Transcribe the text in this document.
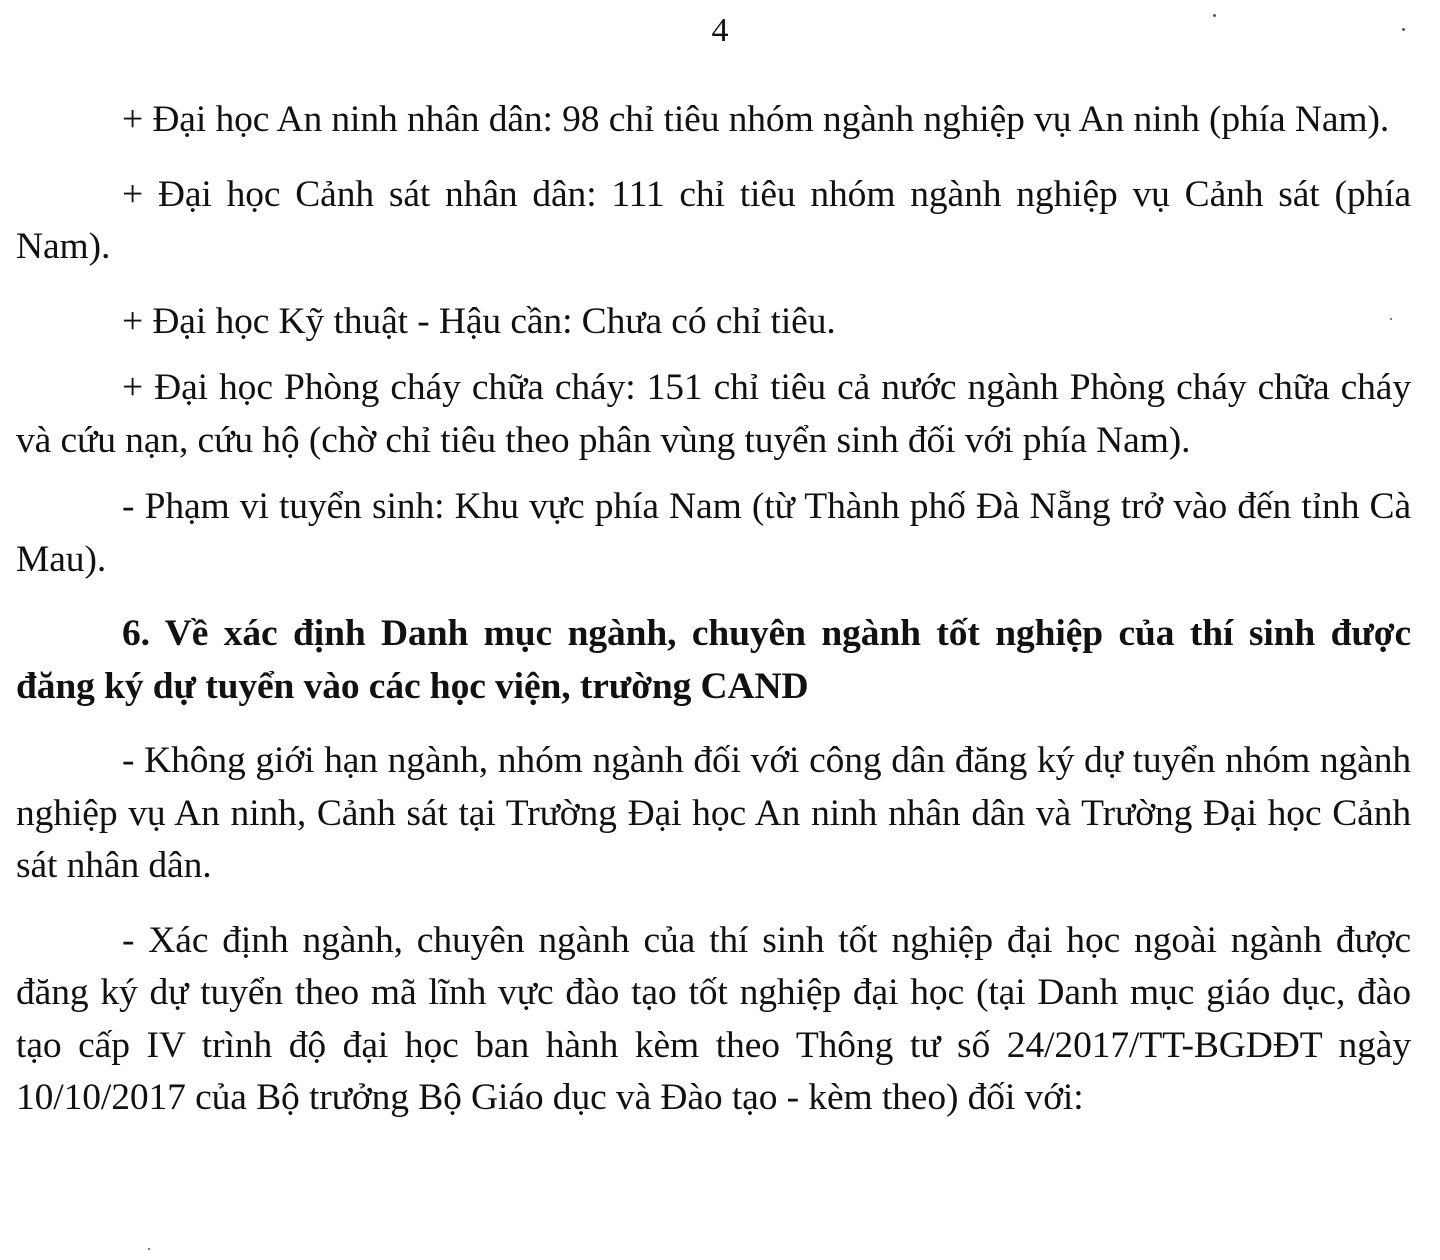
4

+ Đại học An ninh nhân dân: 98 chỉ tiêu nhóm ngành nghiệp vụ An ninh (phía Nam).

+ Đại học Cảnh sát nhân dân: 111 chỉ tiêu nhóm ngành nghiệp vụ Cảnh sát (phía Nam).

+ Đại học Kỹ thuật - Hậu cần: Chưa có chỉ tiêu.

+ Đại học Phòng cháy chữa cháy: 151 chỉ tiêu cả nước ngành Phòng cháy chữa cháy và cứu nạn, cứu hộ (chờ chỉ tiêu theo phân vùng tuyển sinh đối với phía Nam).

- Phạm vi tuyển sinh: Khu vực phía Nam (từ Thành phố Đà Nẵng trở vào đến tỉnh Cà Mau).

6. Về xác định Danh mục ngành, chuyên ngành tốt nghiệp của thí sinh được đăng ký dự tuyển vào các học viện, trường CAND

- Không giới hạn ngành, nhóm ngành đối với công dân đăng ký dự tuyển nhóm ngành nghiệp vụ An ninh, Cảnh sát tại Trường Đại học An ninh nhân dân và Trường Đại học Cảnh sát nhân dân.

- Xác định ngành, chuyên ngành của thí sinh tốt nghiệp đại học ngoài ngành được đăng ký dự tuyển theo mã lĩnh vực đào tạo tốt nghiệp đại học (tại Danh mục giáo dục, đào tạo cấp IV trình độ đại học ban hành kèm theo Thông tư số 24/2017/TT-BGDĐT ngày 10/10/2017 của Bộ trưởng Bộ Giáo dục và Đào tạo - kèm theo) đối với:
